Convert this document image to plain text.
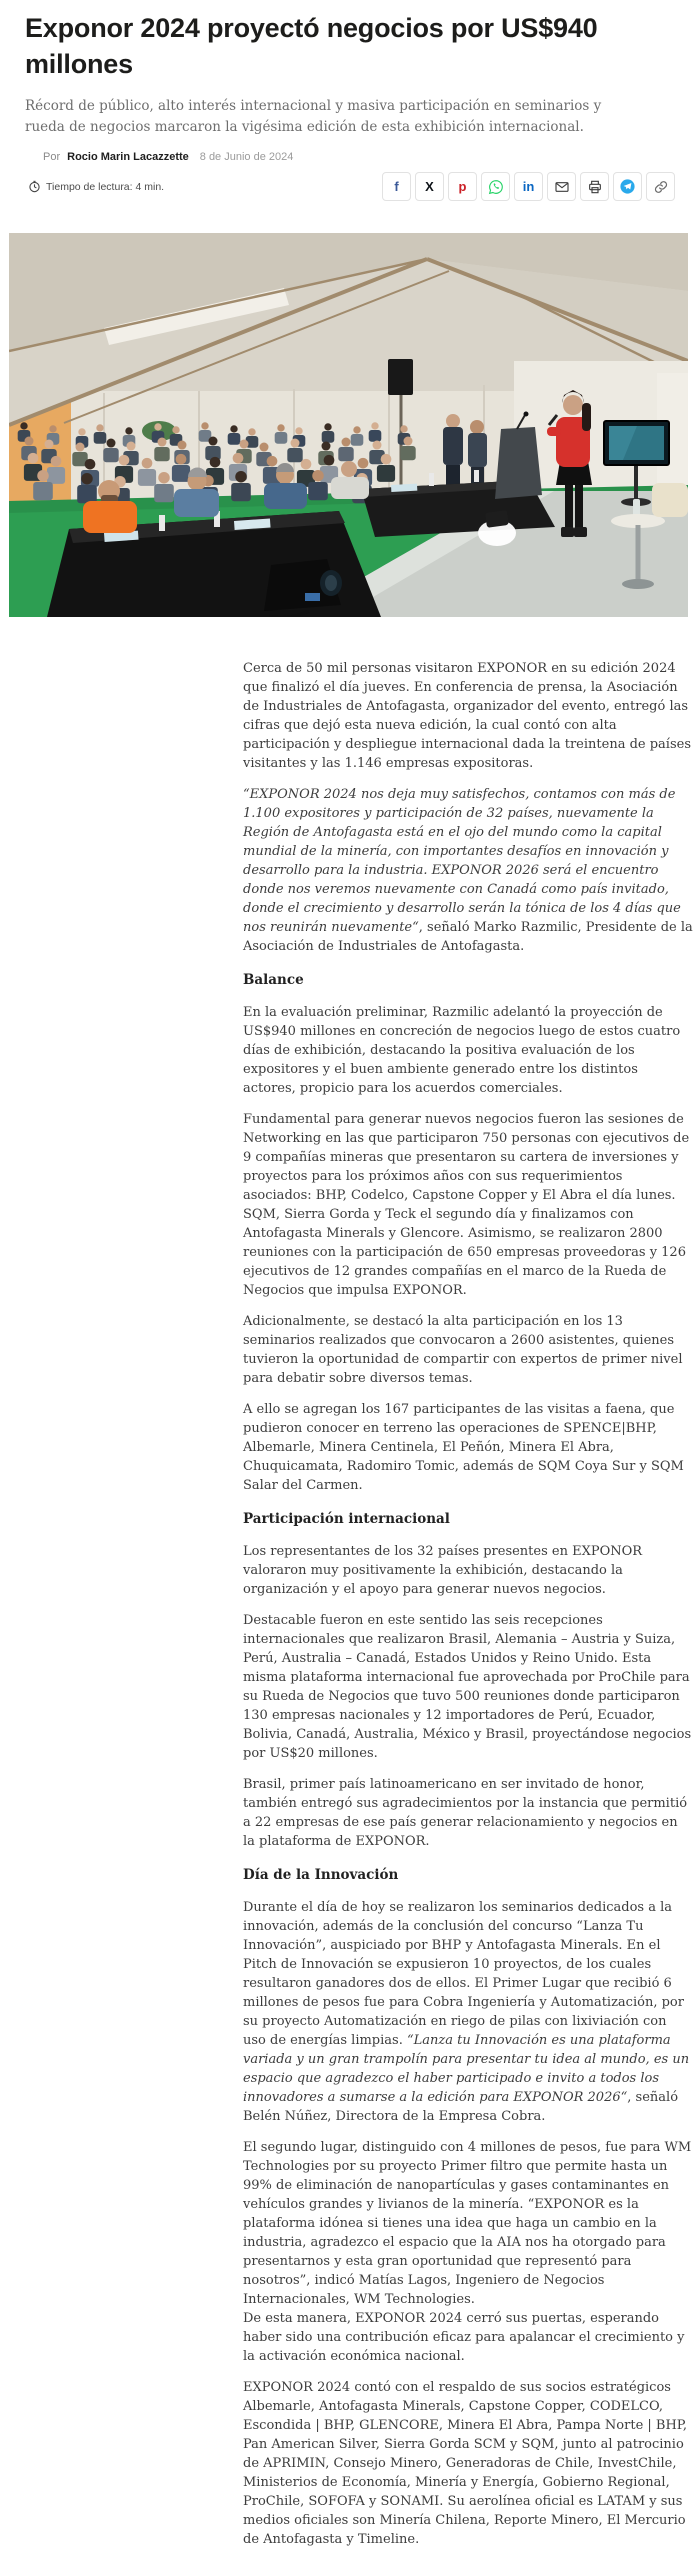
Exponor 2024 proyectó negocios por US$940 millones

Récord de público, alto interés internacional y masiva participación en seminarios y rueda de negocios marcaron la vigésima edición de esta exhibición internacional.

Por Rocio Marin Lacazzette 8 de Junio de 2024
Tiempo de lectura: 4 min.	f X p	in

Cerca de 50 mil personas visitaron EXPONOR en su edición 2024 que finalizó el día jueves. En conferencia de prensa, la Asociación de Industriales de Antofagasta, organizador del evento, entregó las cifras que dejó esta nueva edición, la cual contó con alta participación y despliegue internacional dada la treintena de países visitantes y las 1.146 empresas expositoras.

“EXPONOR 2024 nos deja muy satisfechos, contamos con más de 1.100 expositores y participación de 32 países, nuevamente la Región de Antofagasta está en el ojo del mundo como la capital mundial de la minería, con importantes desafíos en innovación y desarrollo para la industria. EXPONOR 2026 será el encuentro donde nos veremos nuevamente con Canadá como país invitado, donde el crecimiento y desarrollo serán la tónica de los 4 días que nos reunirán nuevamente“, señaló Marko Razmilic, Presidente de la Asociación de Industriales de Antofagasta.

Balance

En la evaluación preliminar, Razmilic adelantó la proyección de US$940 millones en concreción de negocios luego de estos cuatro días de exhibición, destacando la positiva evaluación de los expositores y el buen ambiente generado entre los distintos actores, propicio para los acuerdos comerciales.

Fundamental para generar nuevos negocios fueron las sesiones de Networking en las que participaron 750 personas con ejecutivos de 9 compañías mineras que presentaron su cartera de inversiones y proyectos para los próximos años con sus requerimientos asociados: BHP, Codelco, Capstone Copper y El Abra el día lunes. SQM, Sierra Gorda y Teck el segundo día y finalizamos con Antofagasta Minerals y Glencore. Asimismo, se realizaron 2800 reuniones con la participación de 650 empresas proveedoras y 126 ejecutivos de 12 grandes compañías en el marco de la Rueda de Negocios que impulsa EXPONOR.

Adicionalmente, se destacó la alta participación en los 13 seminarios realizados que convocaron a 2600 asistentes, quienes tuvieron la oportunidad de compartir con expertos de primer nivel para debatir sobre diversos temas.

A ello se agregan los 167 participantes de las visitas a faena, que pudieron conocer en terreno las operaciones de SPENCE|BHP, Albemarle, Minera Centinela, El Peñón, Minera El Abra, Chuquicamata, Radomiro Tomic, además de SQM Coya Sur y SQM Salar del Carmen.

Participación internacional

Los representantes de los 32 países presentes en EXPONOR valoraron muy positivamente la exhibición, destacando la organización y el apoyo para generar nuevos negocios.

Destacable fueron en este sentido las seis recepciones internacionales que realizaron Brasil, Alemania – Austria y Suiza, Perú, Australia – Canadá, Estados Unidos y Reino Unido. Esta misma plataforma internacional fue aprovechada por ProChile para su Rueda de Negocios que tuvo 500 reuniones donde participaron 130 empresas nacionales y 12 importadores de Perú, Ecuador, Bolivia, Canadá, Australia, México y Brasil, proyectándose negocios por US$20 millones.

Brasil, primer país latinoamericano en ser invitado de honor, también entregó sus agradecimientos por la instancia que permitió a 22 empresas de ese país generar relacionamiento y negocios en la plataforma de EXPONOR.

Día de la Innovación

Durante el día de hoy se realizaron los seminarios dedicados a la innovación, además de la conclusión del concurso “Lanza Tu Innovación”, auspiciado por BHP y Antofagasta Minerals. En el Pitch de Innovación se expusieron 10 proyectos, de los cuales resultaron ganadores dos de ellos. El Primer Lugar que recibió 6 millones de pesos fue para Cobra Ingeniería y Automatización, por su proyecto Automatización en riego de pilas con lixiviación con uso de energías limpias. “Lanza tu Innovación es una plataforma variada y un gran trampolín para presentar tu idea al mundo, es un espacio que agradezco el haber participado e invito a todos los innovadores a sumarse a la edición para EXPONOR 2026“, señaló Belén Núñez, Directora de la Empresa Cobra.

El segundo lugar, distinguido con 4 millones de pesos, fue para WM Technologies por su proyecto Primer filtro que permite hasta un 99% de eliminación de nanopartículas y gases contaminantes en vehículos grandes y livianos de la minería. “EXPONOR es la plataforma idónea si tienes una idea que haga un cambio en la industria, agradezco el espacio que la AIA nos ha otorgado para presentarnos y esta gran oportunidad que representó para nosotros”, indicó Matías Lagos, Ingeniero de Negocios Internacionales, WM Technologies.
De esta manera, EXPONOR 2024 cerró sus puertas, esperando haber sido una contribución eficaz para apalancar el crecimiento y la activación económica nacional.

EXPONOR 2024 contó con el respaldo de sus socios estratégicos Albemarle, Antofagasta Minerals, Capstone Copper, CODELCO, Escondida | BHP, GLENCORE, Minera El Abra, Pampa Norte | BHP, Pan American Silver, Sierra Gorda SCM y SQM, junto al patrocinio de APRIMIN, Consejo Minero, Generadoras de Chile, InvestChile, Ministerios de Economía, Minería y Energía, Gobierno Regional, ProChile, SOFOFA y SONAMI. Su aerolínea oficial es LATAM y sus medios oficiales son Minería Chilena, Reporte Minero, El Mercurio de Antofagasta y Timeline.
